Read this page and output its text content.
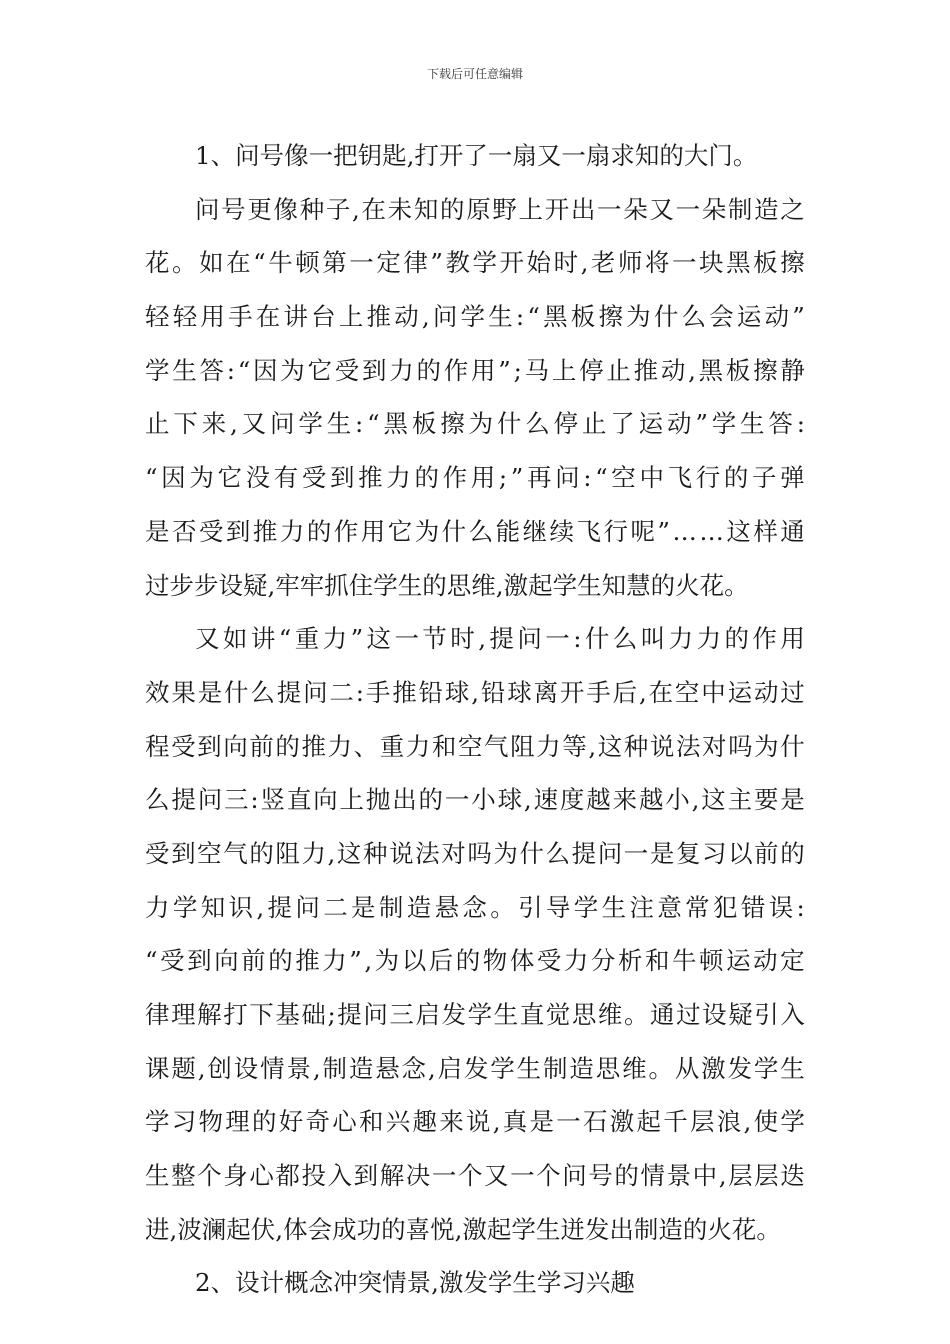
下载后可任意编辑
1、问号像一把钥匙,打开了一扇又一扇求知的大门。
问 号 更 像 种 子 , 在 未 知 的 原 野 上 开 出 一 朵 又 一 朵 制 造 之
花 。 如 在 “ 牛 顿 第 一 定 律 ” 教 学 开 始 时 , 老 师 将 一 块 黑 板 擦
轻 轻 用 手 在 讲 台 上 推 动 , 问 学 生 : “ 黑 板 擦 为 什 么 会 运 动 ”
学 生 答 : “ 因 为 它 受 到 力 的 作 用 ” ; 马 上 停 止 推 动 , 黑 板 擦 静
止 下 来 , 又 问 学 生 : “ 黑 板 擦 为 什 么 停 止 了 运 动 ” 学 生 答 :
“ 因 为 它 没 有 受 到 推 力 的 作 用 ; ” 再 问 : “ 空 中 飞 行 的 子 弹
是 否 受 到 推 力 的 作 用 它 为 什 么 能 继 续 飞 行 呢 ” … … 这 样 通
过步步设疑,牢牢抓住学生的思维,激起学生知慧的火花。
又 如 讲 “ 重 力 ” 这 一 节 时 , 提 问 一 : 什 么 叫 力 力 的 作 用
效 果 是 什 么 提 问 二 : 手 推 铅 球 , 铅 球 离 开 手 后 , 在 空 中 运 动 过
程 受 到 向 前 的 推 力 、 重 力 和 空 气 阻 力 等 , 这 种 说 法 对 吗 为 什
么 提 问 三 : 竖 直 向 上 抛 出 的 一 小 球 , 速 度 越 来 越 小 , 这 主 要 是
受 到 空 气 的 阻 力 , 这 种 说 法 对 吗 为 什 么 提 问 一 是 复 习 以 前 的
力 学 知 识 , 提 问 二 是 制 造 悬 念 。 引 导 学 生 注 意 常 犯 错 误 :
“ 受 到 向 前 的 推 力 ” , 为 以 后 的 物 体 受 力 分 析 和 牛 顿 运 动 定
律 理 解 打 下 基 础 ; 提 问 三 启 发 学 生 直 觉 思 维 。 通 过 设 疑 引 入
课 题 , 创 设 情 景 , 制 造 悬 念 , 启 发 学 生 制 造 思 维 。 从 激 发 学 生
学 习 物 理 的 好 奇 心 和 兴 趣 来 说 , 真 是 一 石 激 起 千 层 浪 , 使 学
生 整 个 身 心 都 投 入 到 解 决 一 个 又 一 个 问 号 的 情 景 中 , 层 层 迭
进,波澜起伏,体会成功的喜悦,激起学生迸发出制造的火花。
2、设计概念冲突情景,激发学生学习兴趣
